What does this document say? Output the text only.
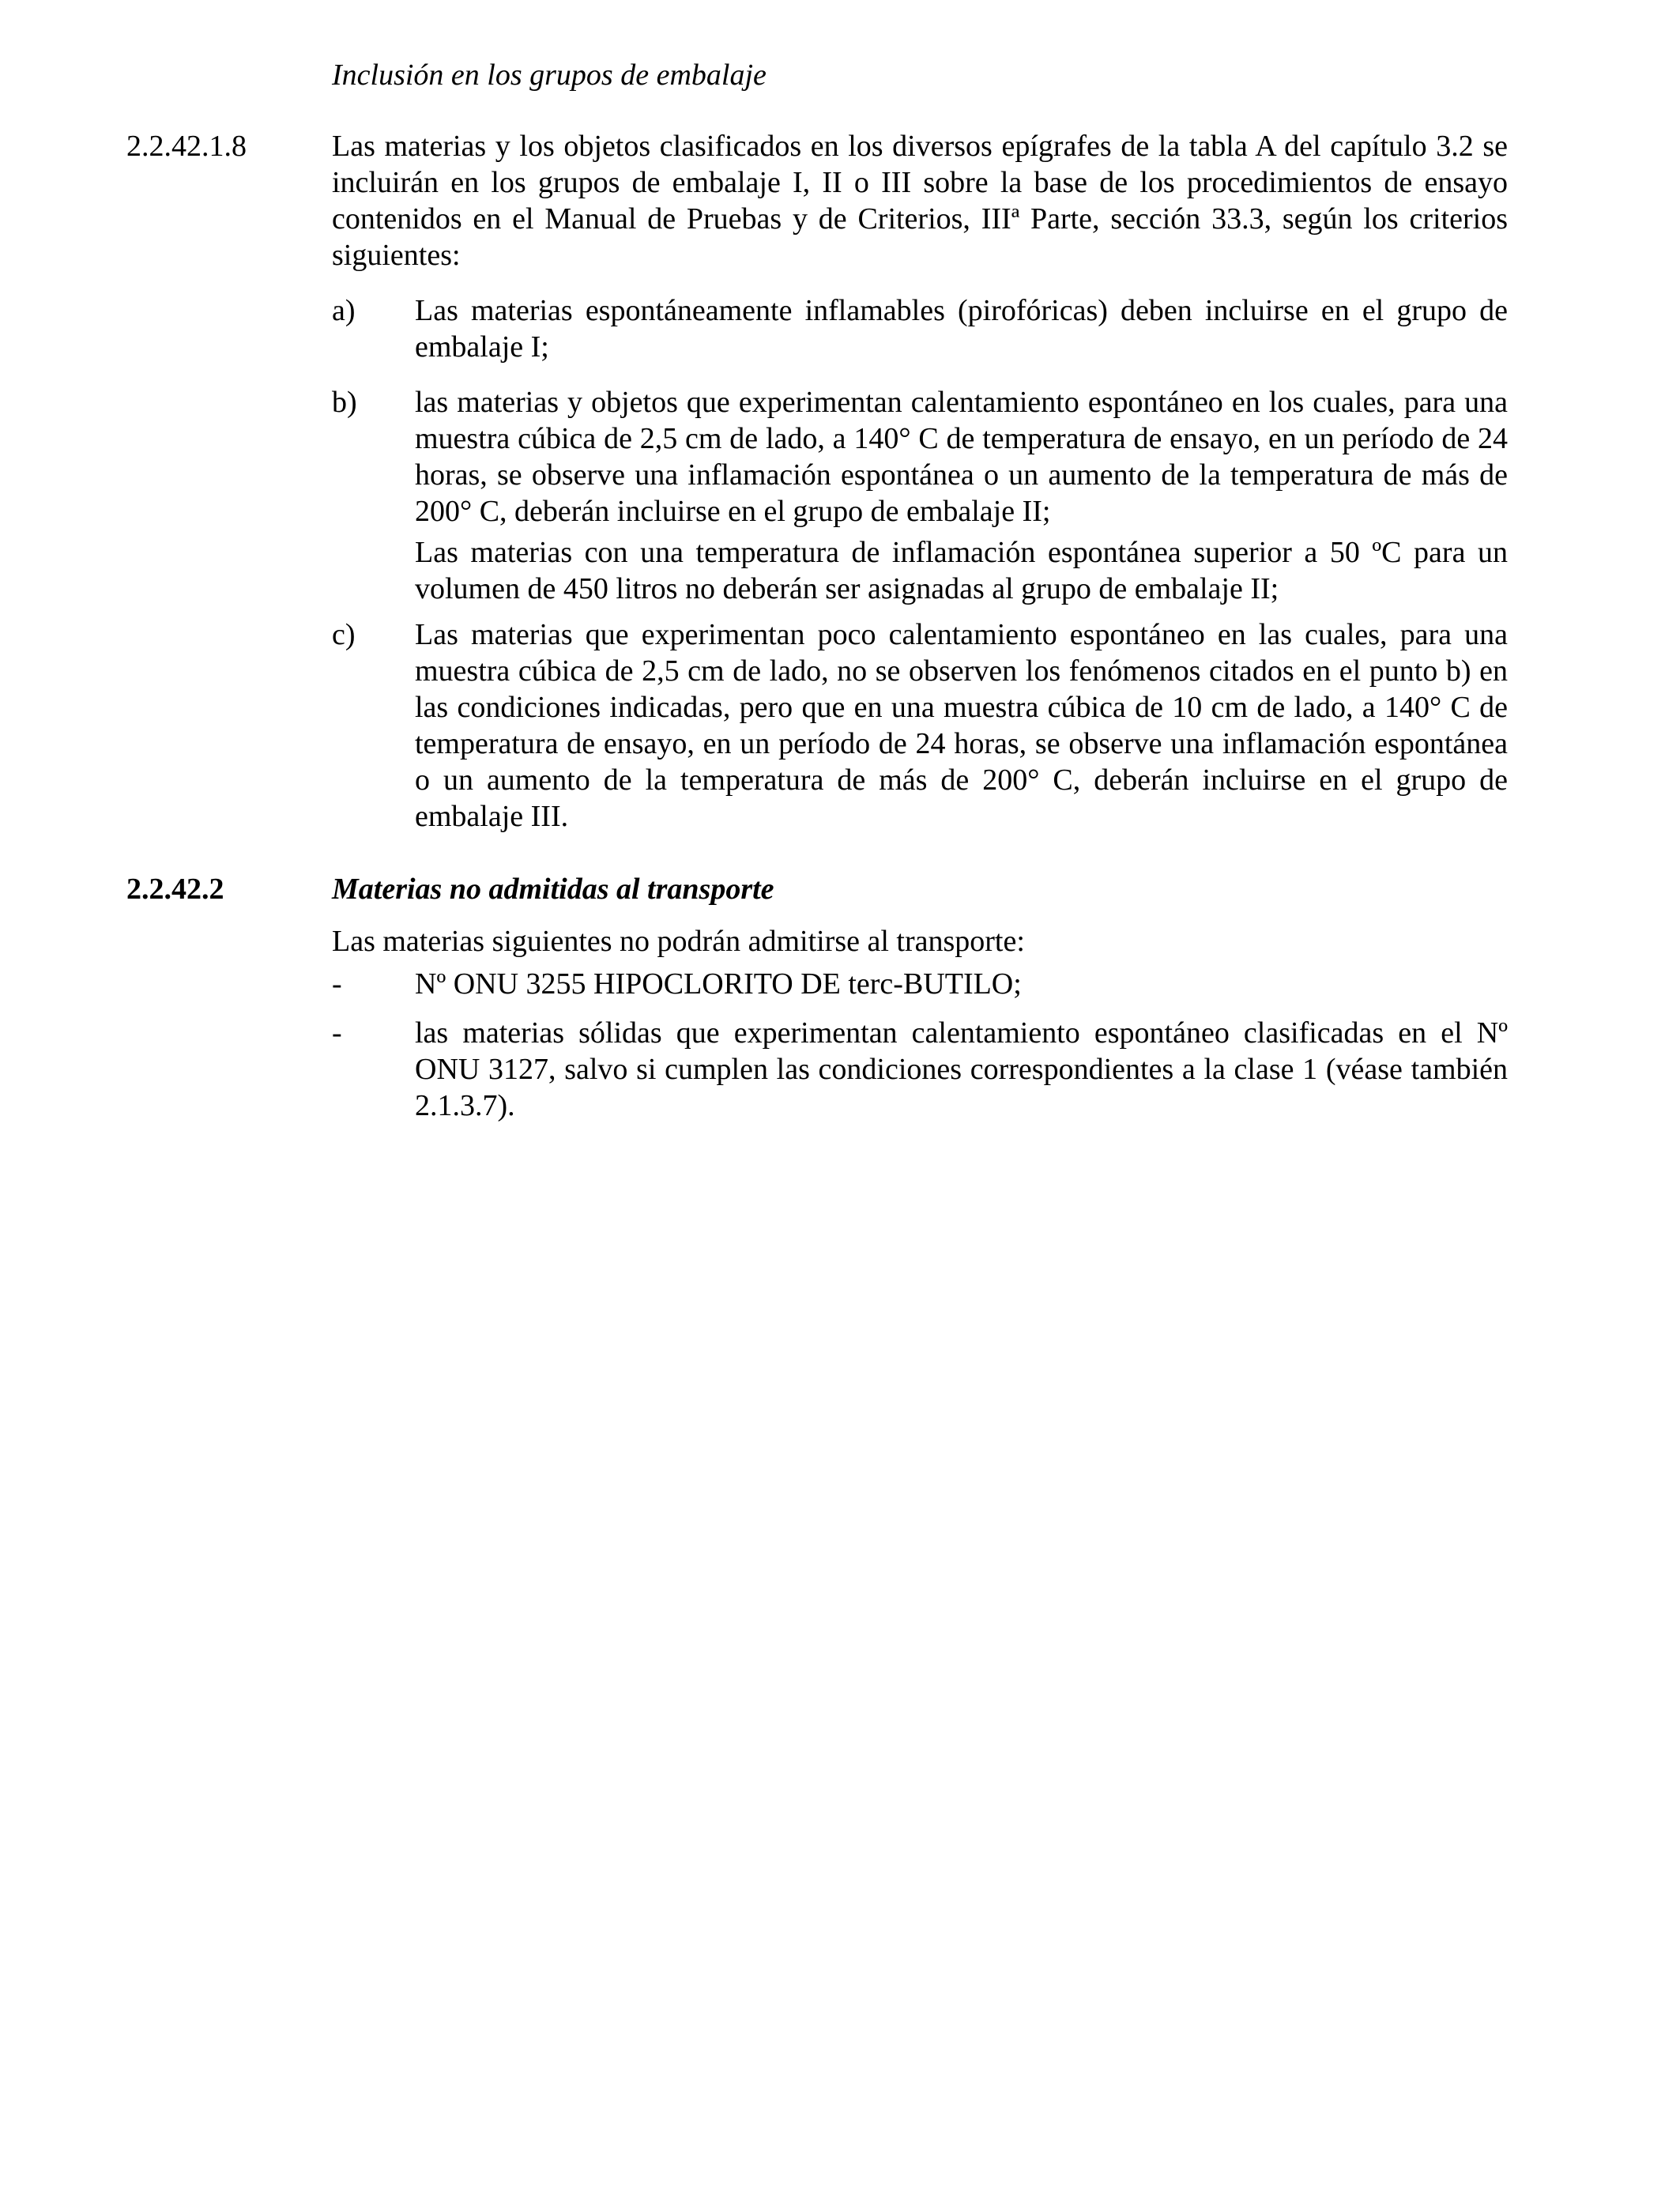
Inclusión en los grupos de embalaje
2.2.42.1.8	Las materias y los objetos clasificados en los diversos epígrafes de la tabla A del capítulo 3.2 se incluirán en los grupos de embalaje I, II o III sobre la base de los procedimientos de ensayo contenidos en el Manual de Pruebas y de Criterios, IIIª Parte, sección 33.3, según los criterios siguientes:
a) Las materias espontáneamente inflamables (pirofóricas) deben incluirse en el grupo de embalaje I;
b) las materias y objetos que experimentan calentamiento espontáneo en los cuales, para una muestra cúbica de 2,5 cm de lado, a 140° C de temperatura de ensayo, en un período de 24 horas, se observe una inflamación espontánea o un aumento de la temperatura de más de 200° C, deberán incluirse en el grupo de embalaje II;
Las materias con una temperatura de inflamación espontánea superior a 50 ºC para un volumen de 450 litros no deberán ser asignadas al grupo de embalaje II;
c) Las materias que experimentan poco calentamiento espontáneo en las cuales, para una muestra cúbica de 2,5 cm de lado, no se observen los fenómenos citados en el punto b) en las condiciones indicadas, pero que en una muestra cúbica de 10 cm de lado, a 140° C de temperatura de ensayo, en un período de 24 horas, se observe una inflamación espontánea o un aumento de la temperatura de más de 200° C, deberán incluirse en el grupo de embalaje III.
2.2.42.2	Materias no admitidas al transporte
Las materias siguientes no podrán admitirse al transporte:
- Nº ONU 3255 HIPOCLORITO DE terc-BUTILO;
- las materias sólidas que experimentan calentamiento espontáneo clasificadas en el Nº ONU 3127, salvo si cumplen las condiciones correspondientes a la clase 1 (véase también 2.1.3.7).
